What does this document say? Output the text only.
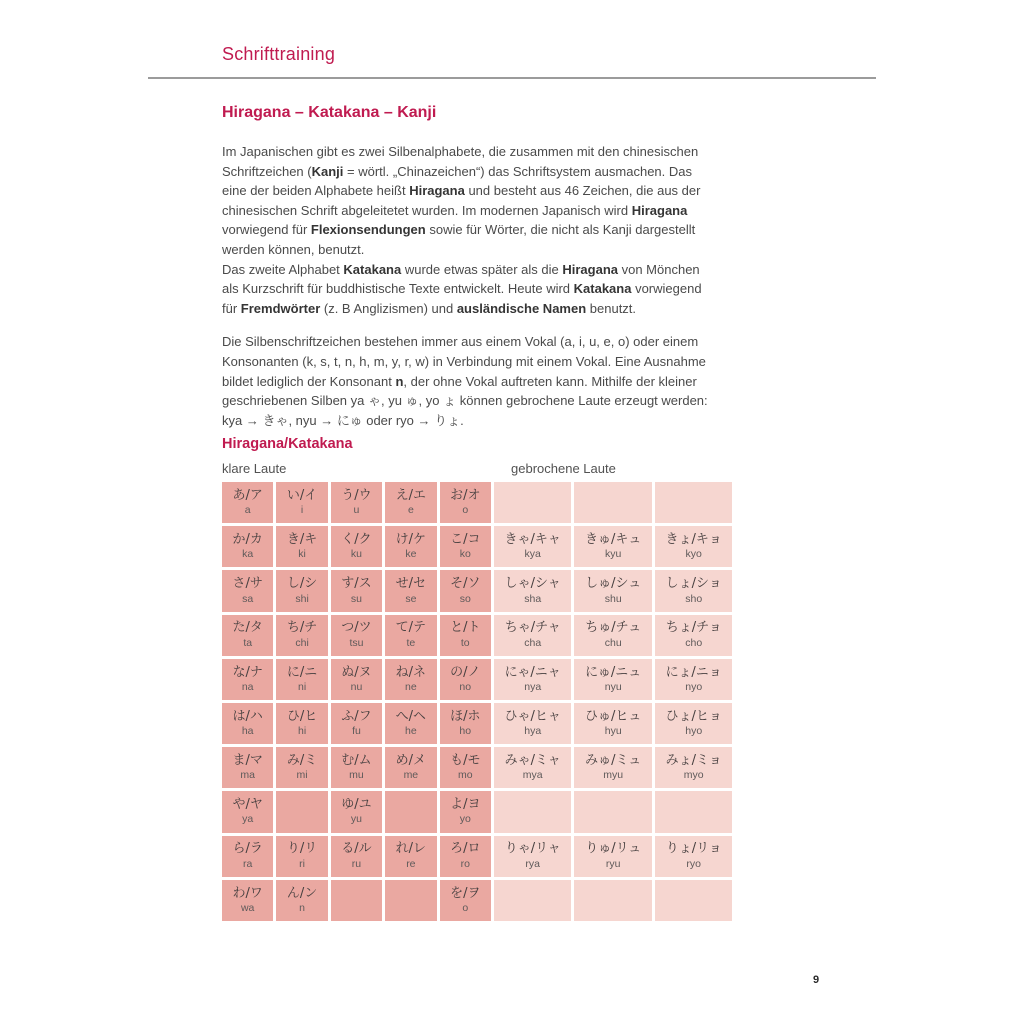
Schrifttraining
Hiragana – Katakana – Kanji
Im Japanischen gibt es zwei Silbenalphabete, die zusammen mit den chinesischen
Schriftzeichen (Kanji = wörtl. „Chinazeichen“) das Schriftsystem ausmachen. Das
eine der beiden Alphabete heißt Hiragana und besteht aus 46 Zeichen, die aus der
chinesischen Schrift abgeleitetet wurden. Im modernen Japanisch wird Hiragana
vorwiegend für Flexionsendungen sowie für Wörter, die nicht als Kanji dargestellt
werden können, benutzt.
Das zweite Alphabet Katakana wurde etwas später als die Hiragana von Mönchen
als Kurzschrift für buddhistische Texte entwickelt. Heute wird Katakana vorwiegend
für Fremdwörter (z. B Anglizismen) und ausländische Namen benutzt.
Die Silbenschriftzeichen bestehen immer aus einem Vokal (a, i, u, e, o) oder einem
Konsonanten (k, s, t, n, h, m, y, r, w) in Verbindung mit einem Vokal. Eine Ausnahme
bildet lediglich der Konsonant n, der ohne Vokal auftreten kann. Mithilfe der kleiner
geschriebenen Silben ya ゃ, yu ゅ, yo ょ können gebrochene Laute erzeugt werden:
kya → きゃ, nyu → にゅ oder ryo → りょ.
Hiragana/Katakana
klare Laute	gebrochene Laute
あ/ア
a
い/イ
i
う/ウ
u
え/エ
e
お/オ
o
か/カ
ka
き/キ
ki
く/ク
ku
け/ケ
ke
こ/コ
ko
きゃ/キャ
kya
きゅ/キュ
kyu
きょ/キョ
kyo
さ/サ
sa
し/シ
shi
す/ス
su
せ/セ
se
そ/ソ
so
しゃ/シャ
sha
しゅ/シュ
shu
しょ/ショ
sho
た/タ
ta
ち/チ
chi
つ/ツ
tsu
て/テ
te
と/ト
to
ちゃ/チャ
cha
ちゅ/チュ
chu
ちょ/チョ
cho
な/ナ
na
に/ニ
ni
ぬ/ヌ
nu
ね/ネ
ne
の/ノ
no
にゃ/ニャ
nya
にゅ/ニュ
nyu
にょ/ニョ
nyo
は/ハ
ha
ひ/ヒ
hi
ふ/フ
fu
へ/ヘ
he
ほ/ホ
ho
ひゃ/ヒャ
hya
ひゅ/ヒュ
hyu
ひょ/ヒョ
hyo
ま/マ
ma
み/ミ
mi
む/ム
mu
め/メ
me
も/モ
mo
みゃ/ミャ
mya
みゅ/ミュ
myu
みょ/ミョ
myo
や/ヤ
ya
ゆ/ユ
yu
よ/ヨ
yo
ら/ラ
ra
り/リ
ri
る/ル
ru
れ/レ
re
ろ/ロ
ro
りゃ/リャ
rya
りゅ/リュ
ryu
りょ/リョ
ryo
わ/ワ
wa
ん/ン
n
を/ヲ
o
9
